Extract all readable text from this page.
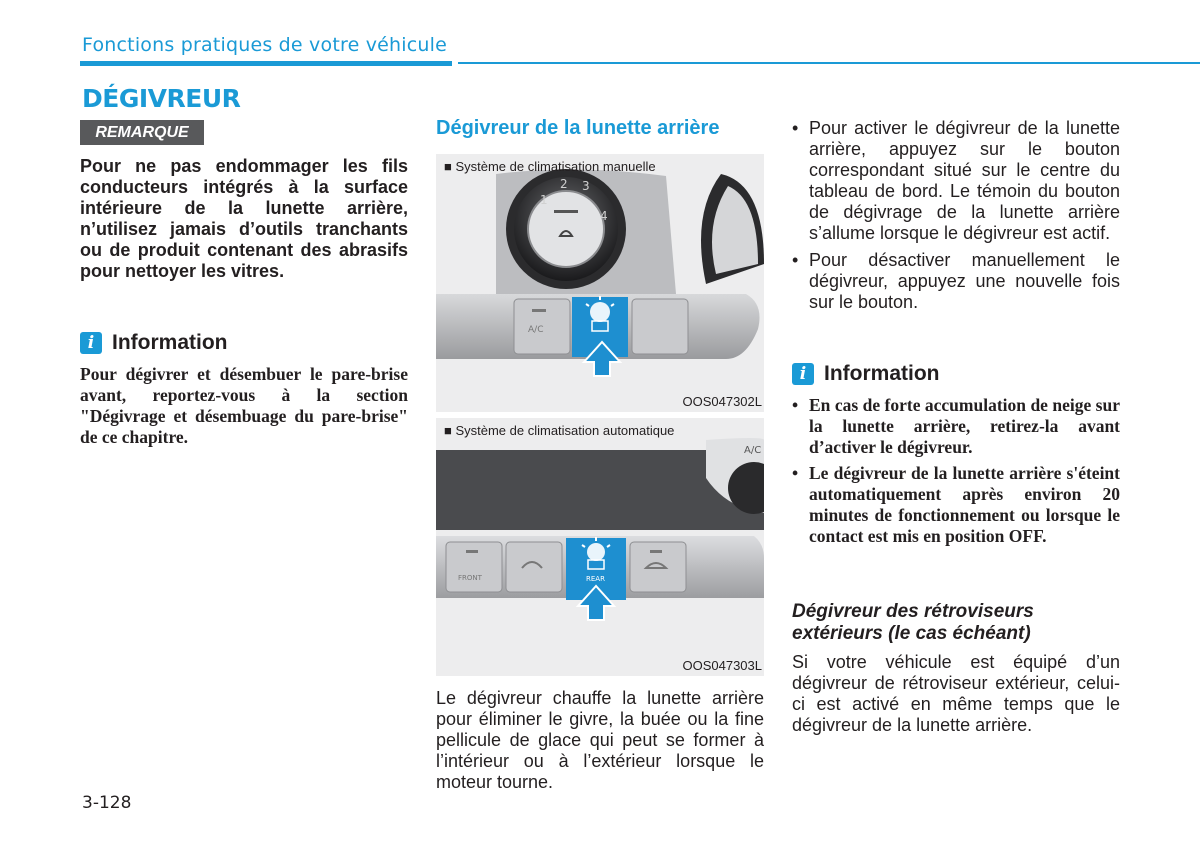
Fonctions pratiques de votre véhicule
DÉGIVREUR
REMARQUE
Pour ne pas endommager les fils conducteurs intégrés à la surface intérieure de la lunette arrière, n’utilisez jamais d’outils tranchants ou de produit contenant des abrasifs pour nettoyer les vitres.
i Information
Pour dégivrer et désembuer le pare-brise avant, reportez-vous à la section "Dégivrage et désembuage du pare-brise" de ce chapitre.
Dégivreur de la lunette arrière
■ Système de climatisation manuelle
1
2 3
4
A/C
OOS047302L
■ Système de climatisation automatique
A/C
FRONT	REAR
OOS047303L
Le dégivreur chauffe la lunette arrière pour éliminer le givre, la buée ou la fine pellicule de glace qui peut se former à l’intérieur ou à l’extérieur lorsque le moteur tourne.
• Pour activer le dégivreur de la lunette arrière, appuyez sur le bouton correspondant situé sur le centre du tableau de bord. Le témoin du bouton de dégivrage de la lunette arrière s’allume lorsque le dégivreur est actif.
• Pour désactiver manuellement le dégivreur, appuyez une nouvelle fois sur le bouton.
i Information
• En cas de forte accumulation de neige sur la lunette arrière, retirez-la avant d’activer le dégivreur.
• Le dégivreur de la lunette arrière s'éteint automatiquement après environ 20 minutes de fonctionnement ou lorsque le contact est mis en position OFF.
Dégivreur des rétroviseurs extérieurs (le cas échéant)
Si votre véhicule est équipé d’un dégivreur de rétroviseur extérieur, celui-ci est activé en même temps que le dégivreur de la lunette arrière.
3-128
